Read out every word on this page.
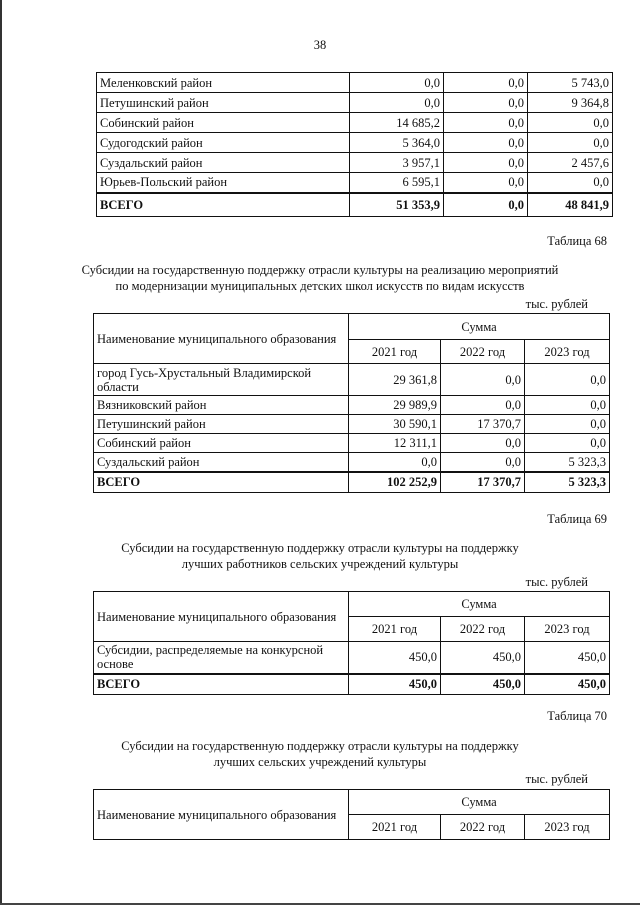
38
Меленковский район	0,0	0,0	5 743,0
Петушинский район	0,0	0,0	9 364,8
Собинский район	14 685,2	0,0	0,0
Судогодский район	5 364,0	0,0	0,0
Суздальский район	3 957,1	0,0	2 457,6
Юрьев-Польский район	6 595,1	0,0	0,0
ВСЕГО	51 353,9	0,0	48 841,9
Таблица 68
Субсидии на государственную поддержку отрасли культуры на реализацию мероприятий
по модернизации муниципальных детских школ искусств по видам искусств
тыс. рублей
Наименование муниципального образования	Сумма		
	2021 год	2022 год	2023 год
город Гусь-Хрустальный Владимирской области	29 361,8	0,0	0,0
Вязниковский район	29 989,9	0,0	0,0
Петушинский район	30 590,1	17 370,7	0,0
Собинский район	12 311,1	0,0	0,0
Суздальский район	0,0	0,0	5 323,3
ВСЕГО	102 252,9	17 370,7	5 323,3
Таблица 69
Субсидии на государственную поддержку отрасли культуры на поддержку
лучших работников сельских учреждений культуры
тыс. рублей
Наименование муниципального образования	Сумма		
	2021 год	2022 год	2023 год
Субсидии, распределяемые на конкурсной основе	450,0	450,0	450,0
ВСЕГО	450,0	450,0	450,0
Таблица 70
Субсидии на государственную поддержку отрасли культуры на поддержку
лучших сельских учреждений культуры
тыс. рублей
Наименование муниципального образования	Сумма		
	2021 год	2022 год	2023 год
